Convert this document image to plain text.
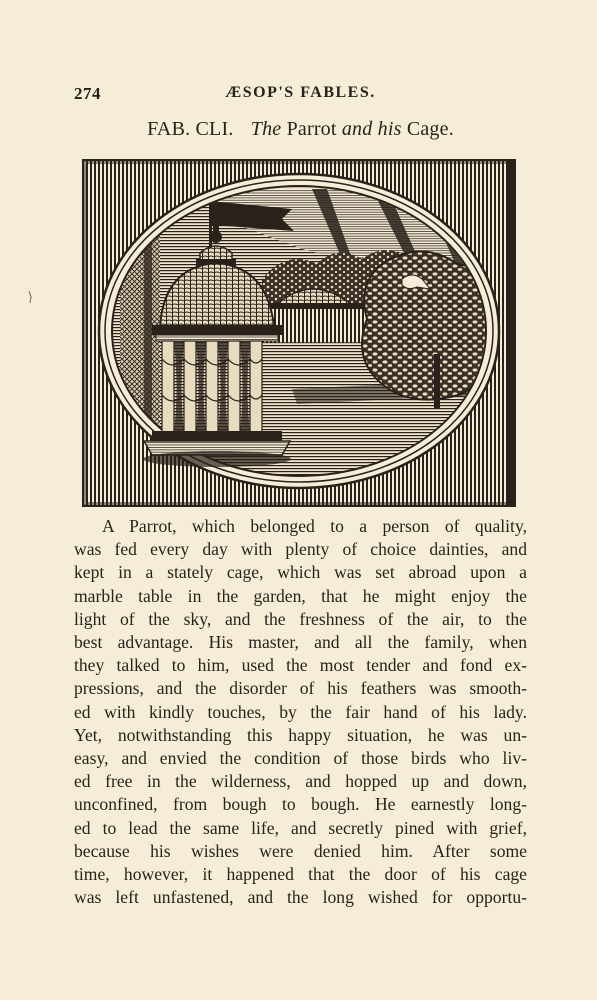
274	ÆSOP'S FABLES.
FAB. CLI. The Parrot and his Cage.
A Parrot, which belonged to a person of quality,
was fed every day with plenty of choice dainties, and
kept in a stately cage, which was set abroad upon a
marble table in the garden, that he might enjoy the
light of the sky, and the freshness of the air, to the
best advantage. His master, and all the family, when
they talked to him, used the most tender and fond ex-
pressions, and the disorder of his feathers was smooth-
ed with kindly touches, by the fair hand of his lady.
Yet, notwithstanding this happy situation, he was un-
easy, and envied the condition of those birds who liv-
ed free in the wilderness, and hopped up and down,
unconfined, from bough to bough. He earnestly long-
ed to lead the same life, and secretly pined with grief,
because his wishes were denied him. After some
time, however, it happened that the door of his cage
was left unfastened, and the long wished for opportu-
